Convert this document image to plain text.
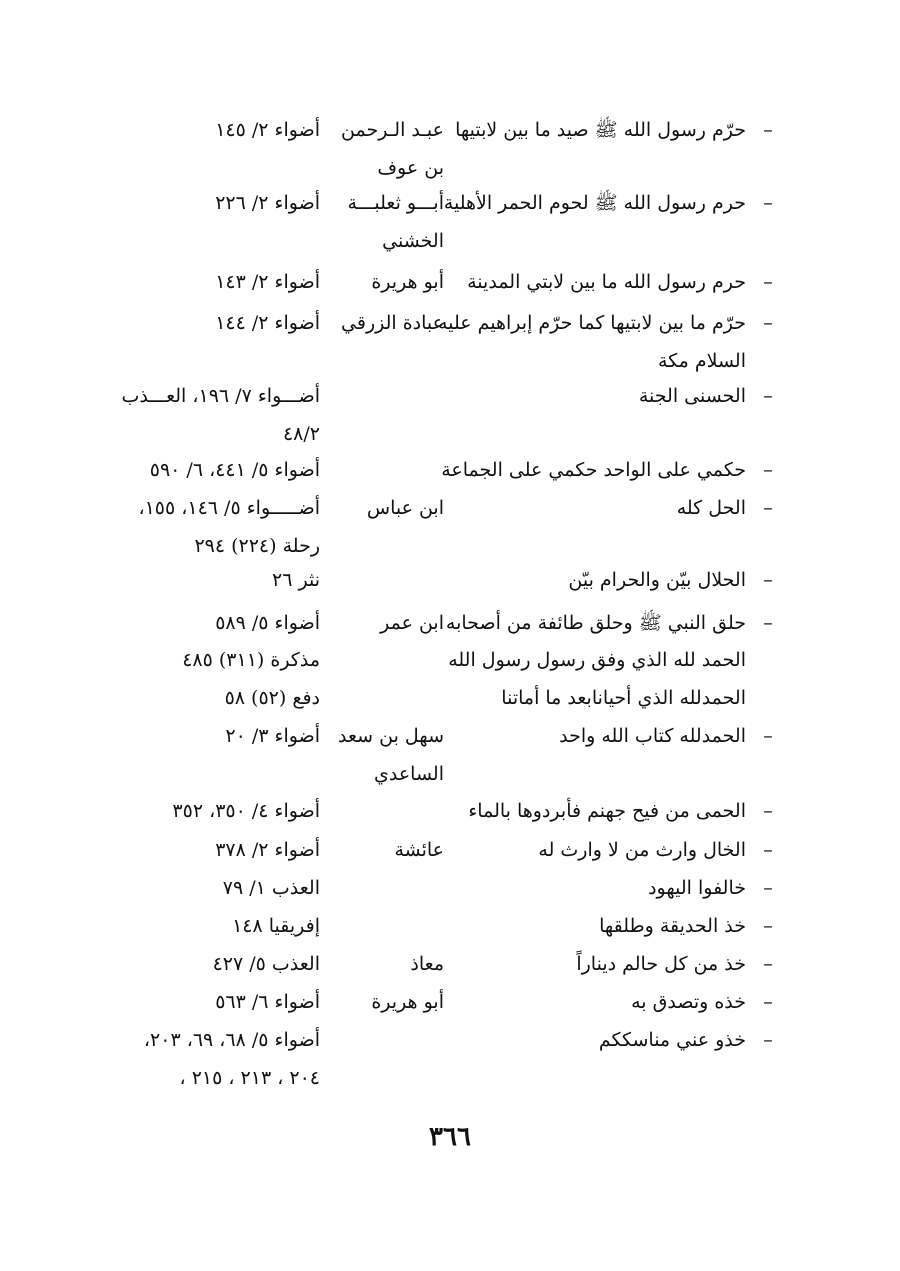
–
حرّم رسول الله ﷺ صيد ما بين لابتيها
عبـد الـرحمن
أضواء ٢/ ١٤٥
بن عوف
–
حرم رسول الله ﷺ لحوم الحمر الأهلية
أبـــو ثعلبـــة
أضواء ٢/ ٢٢٦
الخشني
–
حرم رسول الله ما بين لابتي المدينة
أبو هريرة
أضواء ٢/ ١٤٣
–
حرّم ما بين لابتيها كما حرّم إبراهيم عليه
عبادة الزرقي
أضواء ٢/ ١٤٤
السلام مكة
–
الحسنى الجنة
أضـــواء ٧/ ١٩٦، العـــذب
٤٨/٢
–
حكمي على الواحد حكمي على الجماعة
أضواء ٥/ ٤٤١، ٦/ ٥٩٠
–
الحل كله
ابن عباس
أضـــــواء ٥/ ١٤٦، ١٥٥،
رحلة (٢٢٤) ٢٩٤
–
الحلال بيّن والحرام بيّن
نثر ٢٦
–
حلق النبي ﷺ وحلق طائفة من أصحابه
ابن عمر
أضواء ٥/ ٥٨٩
الحمد لله الذي وفق رسول رسول الله
مذكرة (٣١١) ٤٨٥
الحمدلله الذي أحيانابعد ما أماتنا
دفع (٥٢) ٥٨
–
الحمدلله كتاب الله واحد
سهل بن سعد
أضواء ٣/ ٢٠
الساعدي
–
الحمى من فيح جهنم فأبردوها بالماء
أضواء ٤/ ٣٥٠، ٣٥٢
–
الخال وارث من لا وارث له
عائشة
أضواء ٢/ ٣٧٨
–
خالفوا اليهود
العذب ١/ ٧٩
–
خذ الحديقة وطلقها
إفريقيا ١٤٨
–
خذ من كل حالم ديناراً
معاذ
العذب ٥/ ٤٢٧
–
خذه وتصدق به
أبو هريرة
أضواء ٦/ ٥٦٣
–
خذو عني مناسككم
أضواء ٥/ ٦٨، ٦٩، ٢٠٣،
٢٠٤ ، ٢١٣ ، ٢١٥ ،
٣٦٦
